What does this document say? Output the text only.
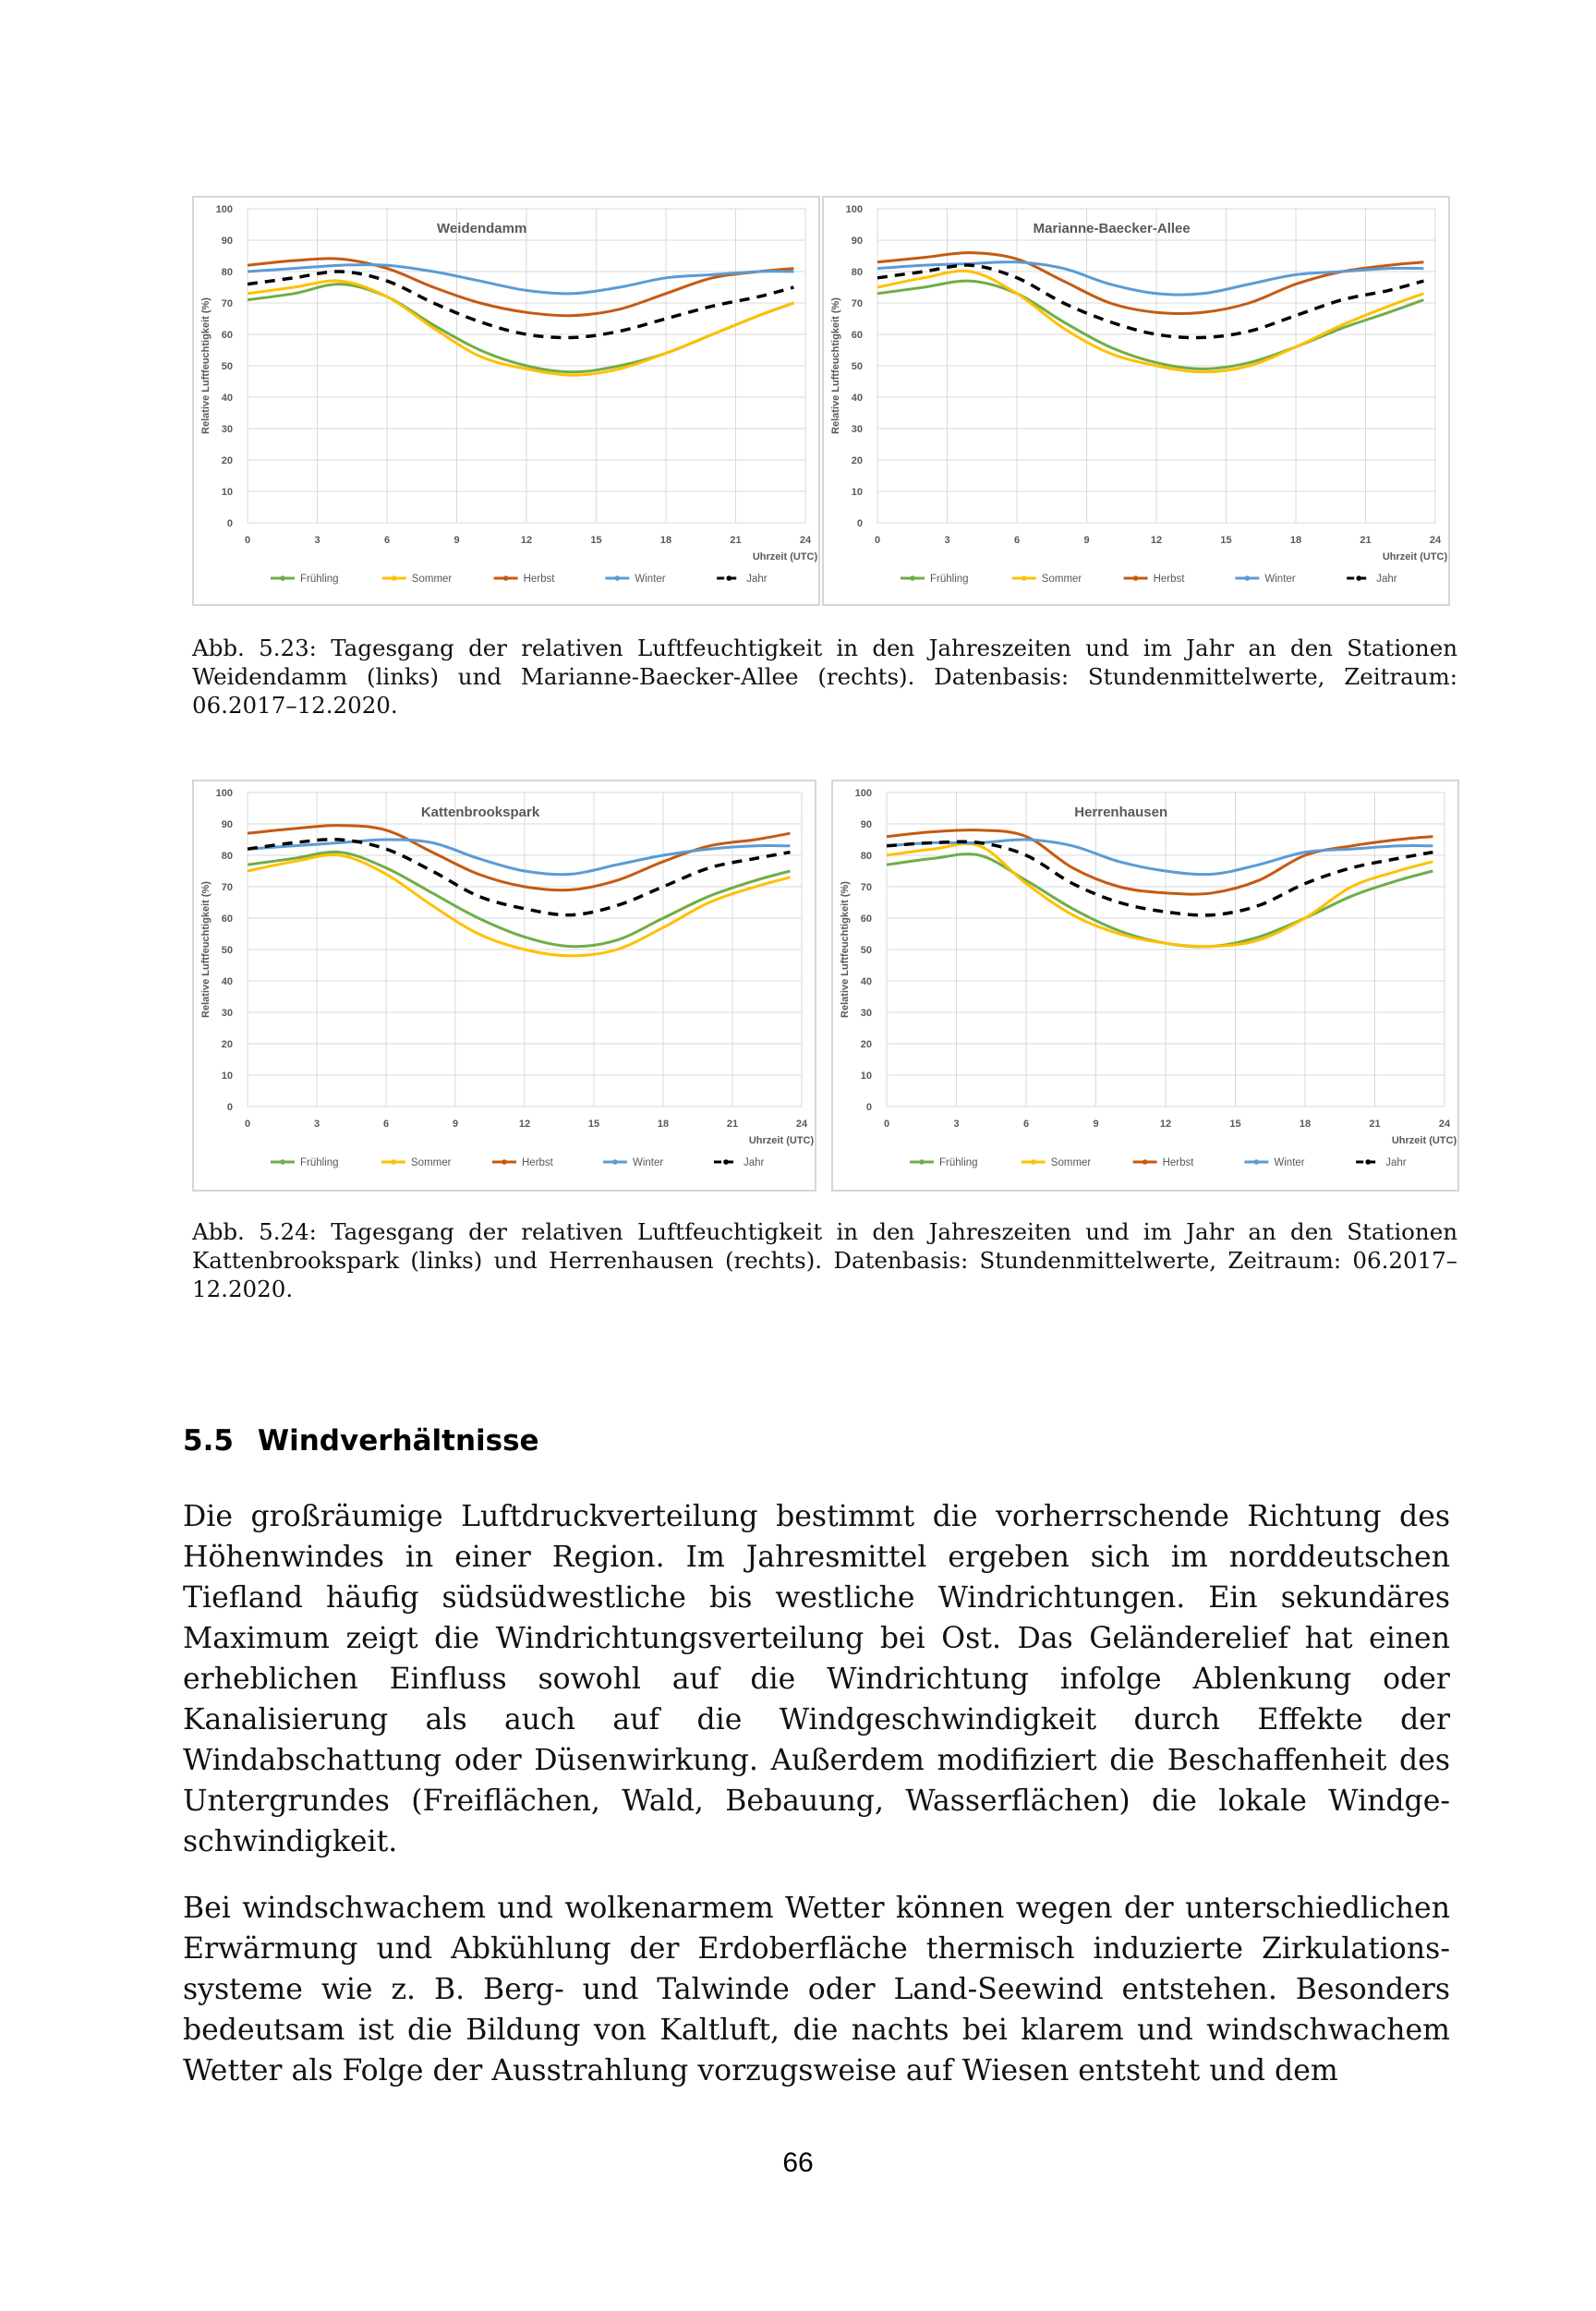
0
10
20
30
40
50
60
70
80
90
100
0	3	6	9	12	15	18	21	24
Weidendamm
Uhrzeit (UTC)
Relative Luftfeuchtigkeit (%)
Frühling	Sommer	Herbst	Winter	Jahr
0
10
20
30
40
50
60
70
80
90
100
0	3	6	9	12	15	18	21	24
Marianne-Baecker-Allee
Uhrzeit (UTC)
Relative Luftfeuchtigkeit (%)
Frühling	Sommer	Herbst	Winter	Jahr

Abb. 5.23: Tagesgang der relativen Luftfeuchtigkeit in den Jahreszeiten und im Jahr an den Stationen Weidendamm (links) und Marianne-Baecker-Allee (rechts). Datenbasis: Stundenmittelwerte, Zeitraum: 06.2017–12.2020.

0
10
20
30
40
50
60
70
80
90
100
0	3	6	9	12	15	18	21	24
Kattenbrookspark
Uhrzeit (UTC)
Relative Luftfeuchtigkeit (%)
Frühling	Sommer	Herbst	Winter	Jahr
0
10
20
30
40
50
60
70
80
90
100
0	3	6	9	12	15	18	21	24
Herrenhausen
Uhrzeit (UTC)
Relative Luftfeuchtigkeit (%)
Frühling	Sommer	Herbst	Winter	Jahr

Abb. 5.24: Tagesgang der relativen Luftfeuchtigkeit in den Jahreszeiten und im Jahr an den Stationen Kattenbrookspark (links) und Herrenhausen (rechts). Datenbasis: Stundenmittelwerte, Zeitraum: 06.2017–12.2020.

5.5 Windverhältnisse

Die großräumige Luftdruckverteilung bestimmt die vorherrschende Richtung des Höhenwindes in einer Region. Im Jahresmittel ergeben sich im norddeutschen Tiefland häufig südsüdwestliche bis westliche Windrichtungen. Ein sekundäres Maximum zeigt die Windrichtungsverteilung bei Ost. Das Geländerelief hat einen erheblichen Einfluss sowohl auf die Windrichtung infolge Ablenkung oder Kanalisierung als auch auf die Windgeschwindigkeit durch Effekte der Windabschattung oder Düsenwirkung. Außerdem modifiziert die Beschaffenheit des Untergrundes (Freiflächen, Wald, Bebauung, Wasserflächen) die lokale Windgeschwindigkeit.

Bei windschwachem und wolkenarmem Wetter können wegen der unterschiedlichen Erwärmung und Abkühlung der Erdoberfläche thermisch induzierte Zirkulationssysteme wie z. B. Berg- und Talwinde oder Land-Seewind entstehen. Besonders bedeutsam ist die Bildung von Kaltluft, die nachts bei klarem und windschwachem Wetter als Folge der Ausstrahlung vorzugsweise auf Wiesen entsteht und dem

66
